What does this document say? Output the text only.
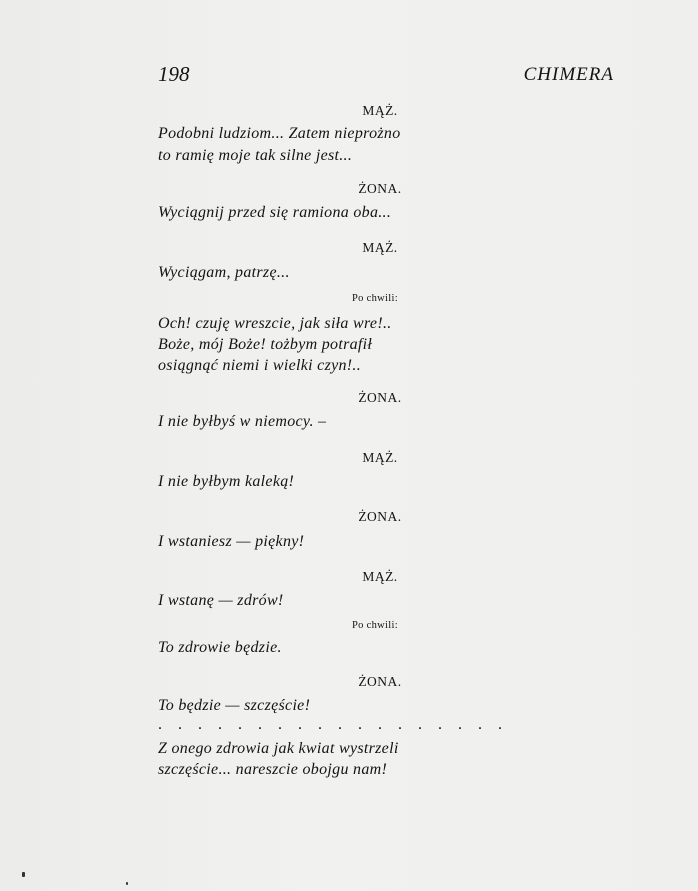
198	CHIMERA
MĄŻ.
Podobni ludziom... Zatem nieprożno
to ramię moje tak silne jest...
ŻONA.
Wyciągnij przed się ramiona oba...
MĄŻ.
Wyciągam, patrzę...
Po chwili:
Och! czuję wreszcie, jak siła wre!..
Boże, mój Boże! tożbym potrafił
osiągnąć niemi i wielki czyn!..
ŻONA.
I nie byłbyś w niemocy. –
MĄŻ.
I nie byłbym kaleką!
ŻONA.
I wstaniesz — piękny!
MĄŻ.
I wstanę — zdrów!
Po chwili:
To zdrowie będzie.
ŻONA.
To będzie — szczęście!
. . . . . . . . . . . . . . . . . .
Z onego zdrowia jak kwiat wystrzeli
szczęście... nareszcie obojgu nam!
